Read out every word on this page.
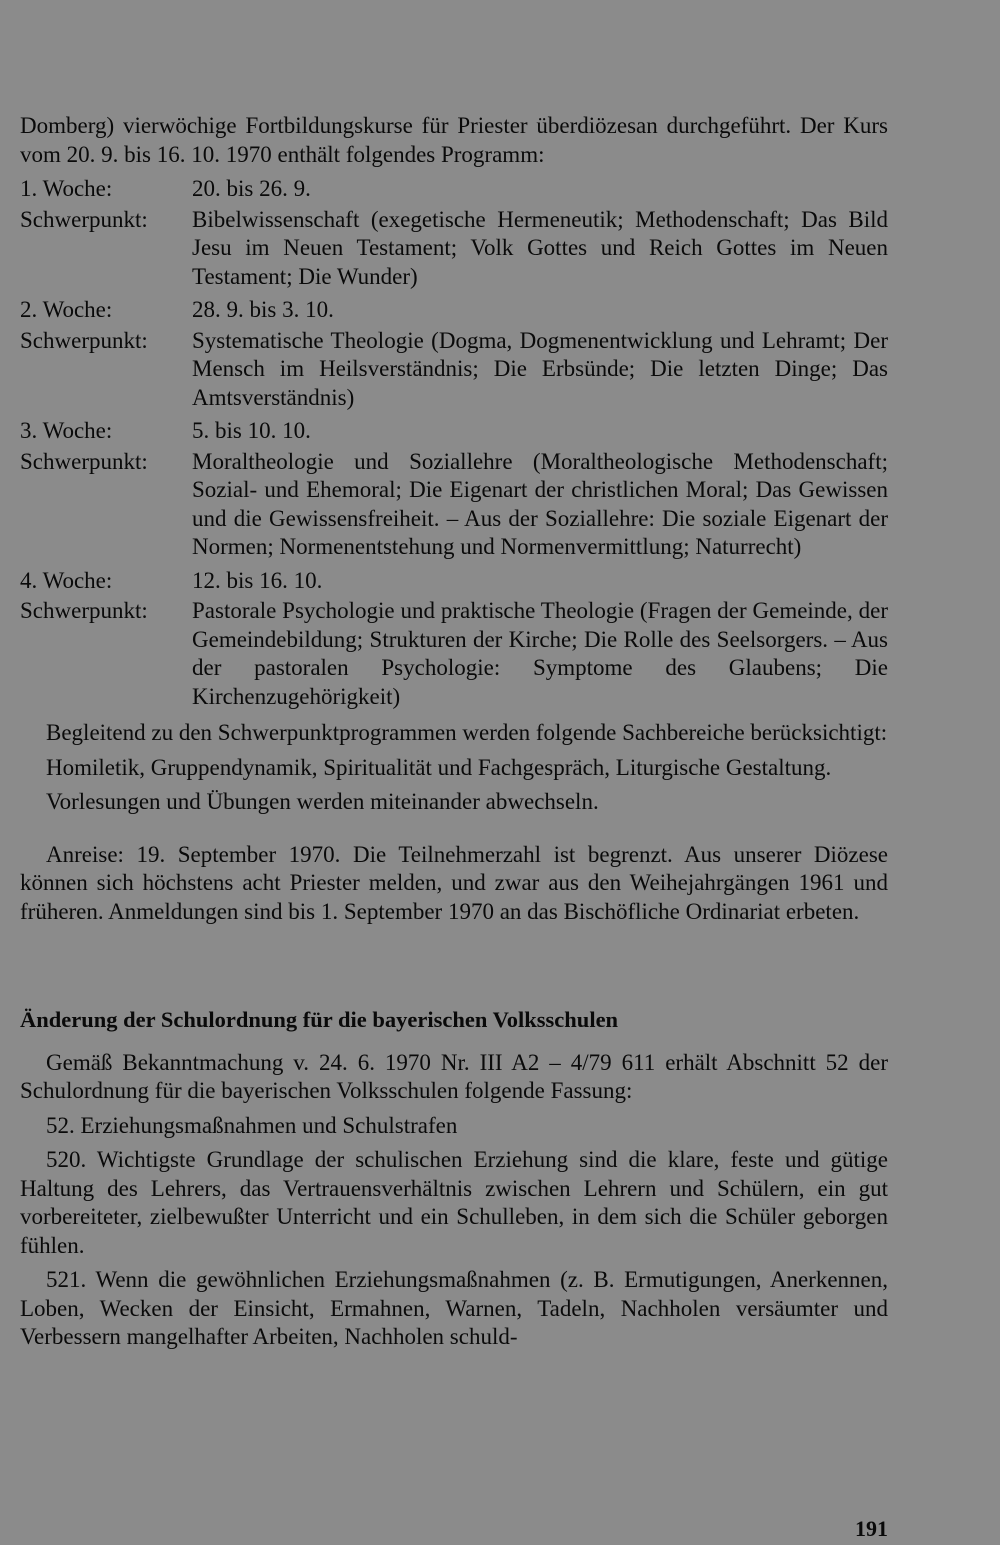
Domberg) vierwöchige Fortbildungskurse für Priester überdiözesan durchgeführt. Der Kurs vom 20. 9. bis 16. 10. 1970 enthält folgendes Programm:

1. Woche:	20. bis 26. 9.
Schwerpunkt:	Bibelwissenschaft (exegetische Hermeneutik; Methodenschaft; Das Bild Jesu im Neuen Testament; Volk Gottes und Reich Gottes im Neuen Testament; Die Wunder)
2. Woche:	28. 9. bis 3. 10.
Schwerpunkt:	Systematische Theologie (Dogma, Dogmenentwicklung und Lehramt; Der Mensch im Heilsverständnis; Die Erbsünde; Die letzten Dinge; Das Amtsverständnis)
3. Woche:	5. bis 10. 10.
Schwerpunkt:	Moraltheologie und Soziallehre (Moraltheologische Methodenschaft; Sozial- und Ehemoral; Die Eigenart der christlichen Moral; Das Gewissen und die Gewissensfreiheit. – Aus der Soziallehre: Die soziale Eigenart der Normen; Normenentstehung und Normenvermittlung; Naturrecht)
4. Woche:	12. bis 16. 10.
Schwerpunkt:	Pastorale Psychologie und praktische Theologie (Fragen der Gemeinde, der Gemeindebildung; Strukturen der Kirche; Die Rolle des Seelsorgers. – Aus der pastoralen Psychologie: Symptome des Glaubens; Die Kirchenzugehörigkeit)

Begleitend zu den Schwerpunktprogrammen werden folgende Sachbereiche berücksichtigt:

Homiletik, Gruppendynamik, Spiritualität und Fachgespräch, Liturgische Gestaltung.

Vorlesungen und Übungen werden miteinander abwechseln.

Anreise: 19. September 1970. Die Teilnehmerzahl ist begrenzt. Aus unserer Diözese können sich höchstens acht Priester melden, und zwar aus den Weihejahrgängen 1961 und früheren. Anmeldungen sind bis 1. September 1970 an das Bischöfliche Ordinariat erbeten.

Änderung der Schulordnung für die bayerischen Volksschulen

Gemäß Bekanntmachung v. 24. 6. 1970 Nr. III A2 – 4/79 611 erhält Abschnitt 52 der Schulordnung für die bayerischen Volksschulen folgende Fassung:

52. Erziehungsmaßnahmen und Schulstrafen

520. Wichtigste Grundlage der schulischen Erziehung sind die klare, feste und gütige Haltung des Lehrers, das Vertrauensverhältnis zwischen Lehrern und Schülern, ein gut vorbereiteter, zielbewußter Unterricht und ein Schulleben, in dem sich die Schüler geborgen fühlen.

521. Wenn die gewöhnlichen Erziehungsmaßnahmen (z. B. Ermutigungen, Anerkennen, Loben, Wecken der Einsicht, Ermahnen, Warnen, Tadeln, Nachholen versäumter und Verbessern mangelhafter Arbeiten, Nachholen schuld-

191
